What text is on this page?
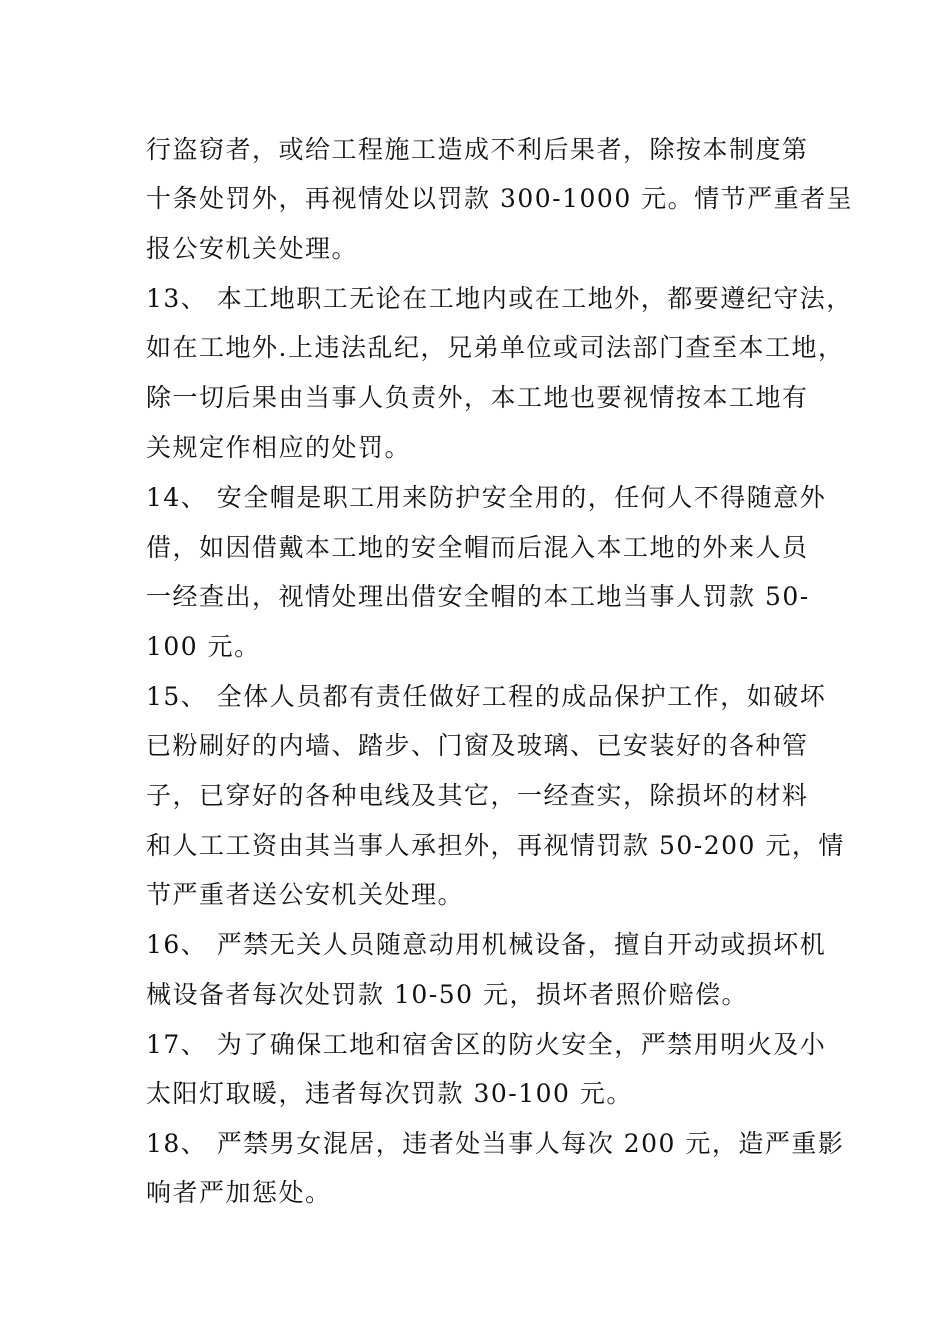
行盗窃者，或给工程施工造成不利后果者，除按本制度第
十条处罚外，再视情处以罚款 300-1000 元。情节严重者呈
报公安机关处理。
13、 本工地职工无论在工地内或在工地外，都要遵纪守法，
如在工地外.上违法乱纪，兄弟单位或司法部门查至本工地，
除一切后果由当事人负责外，本工地也要视情按本工地有
关规定作相应的处罚。
14、 安全帽是职工用来防护安全用的，任何人不得随意外
借，如因借戴本工地的安全帽而后混入本工地的外来人员
一经查出，视情处理出借安全帽的本工地当事人罚款 50-
100 元。
15、 全体人员都有责任做好工程的成品保护工作，如破坏
已粉刷好的内墙、踏步、门窗及玻璃、已安装好的各种管
子，已穿好的各种电线及其它，一经查实，除损坏的材料
和人工工资由其当事人承担外，再视情罚款 50-200 元，情
节严重者送公安机关处理。
16、 严禁无关人员随意动用机械设备，擅自开动或损坏机
械设备者每次处罚款 10-50 元，损坏者照价赔偿。
17、 为了确保工地和宿舍区的防火安全，严禁用明火及小
太阳灯取暖，违者每次罚款 30-100 元。
18、 严禁男女混居，违者处当事人每次 200 元，造严重影
响者严加惩处。
